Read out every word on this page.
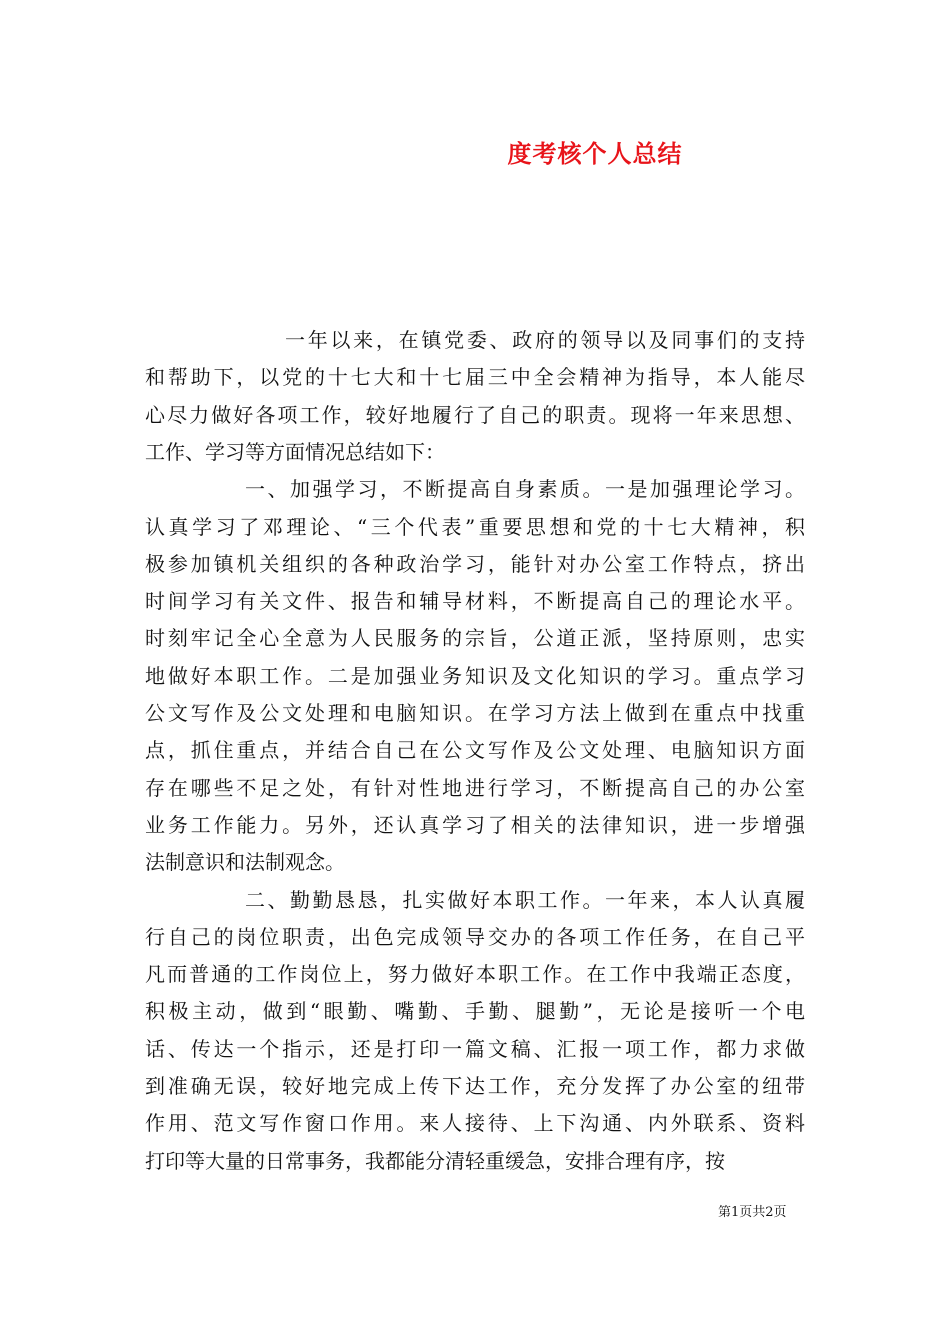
度考核个人总结
一年以来，在镇党委、政府的领导以及同事们的支持
和帮助下，以党的十七大和十七届三中全会精神为指导，本人能尽
心尽力做好各项工作，较好地履行了自己的职责。现将一年来思想、
工作、学习等方面情况总结如下：
一、加强学习，不断提高自身素质。一是加强理论学习。
认真学习了邓理论、“三个代表”重要思想和党的十七大精神，积
极参加镇机关组织的各种政治学习，能针对办公室工作特点，挤出
时间学习有关文件、报告和辅导材料，不断提高自己的理论水平。
时刻牢记全心全意为人民服务的宗旨，公道正派，坚持原则，忠实
地做好本职工作。二是加强业务知识及文化知识的学习。重点学习
公文写作及公文处理和电脑知识。在学习方法上做到在重点中找重
点，抓住重点，并结合自己在公文写作及公文处理、电脑知识方面
存在哪些不足之处，有针对性地进行学习，不断提高自己的办公室
业务工作能力。另外，还认真学习了相关的法律知识，进一步增强
法制意识和法制观念。
二、勤勤恳恳，扎实做好本职工作。一年来，本人认真履
行自己的岗位职责，出色完成领导交办的各项工作任务，在自己平
凡而普通的工作岗位上，努力做好本职工作。在工作中我端正态度，
积极主动，做到“眼勤、嘴勤、手勤、腿勤”，无论是接听一个电
话、传达一个指示，还是打印一篇文稿、汇报一项工作，都力求做
到准确无误，较好地完成上传下达工作，充分发挥了办公室的纽带
作用、范文写作窗口作用。来人接待、上下沟通、内外联系、资料
打印等大量的日常事务，我都能分清轻重缓急，安排合理有序，按
第1页共2页
